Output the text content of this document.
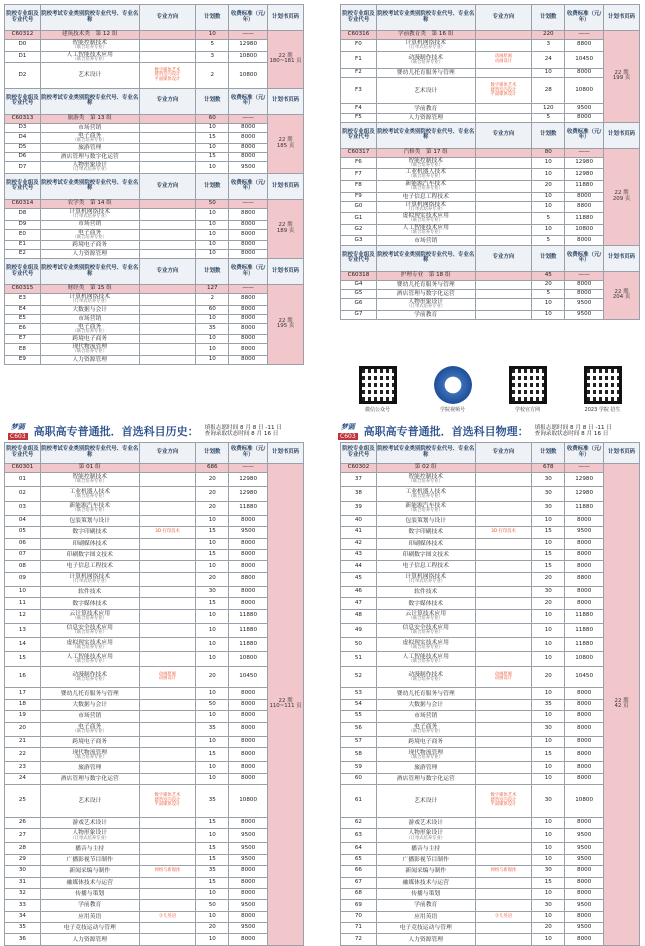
院校专业组及专业代号	院校考试专业类别院校专业代号、专业名称	专业方向	计划数	收费标准（元/年）	计划书页码
C60312	建筑技术类　第 12 组		10	——	22 期
180~181 页
D0	智能控制技术
（联合培养专业）		5	12980	
D1	人工智能技术应用
（联合培养专业）		3	10800	
D2	艺术设计	数字媒体艺术
建筑室内设计
平面媒体设计	2	10800	
院校专业组及专业代号	院校考试专业类别院校专业代号、专业名称	专业方向	计划数	收费标准（元/年）	计划书页码
C60313	旅游类　第 13 组		60	——	22 期
185 页
D3	市场营销		10	8000	
D4	电子商务
（联合培养专业）		15	8000	
D5	旅游管理		10	8000	
D6	酒店管理与数字化运营		15	8000	
D7	人物形象设计
（订单式培养专业）		10	9500	
院校专业组及专业代号	院校考试专业类别院校专业代号、专业名称	专业方向	计划数	收费标准（元/年）	计划书页码
C60314	农学类　第 14 组		50	——	22 期
189 页
D8	计算机网络技术
（订单式培养专业）		10	8800	
D9	市场营销		10	8000	
E0	电子商务
（联合培养专业）		10	8000	
E1	跨境电子商务		10	8000	
E2	人力资源管理		10	8000	
院校专业组及专业代号	院校考试专业类别院校专业代号、专业名称	专业方向	计划数	收费标准（元/年）	计划书页码
C60315	财经类　第 15 组		127	——	22 期
195 页
E3	计算机网络技术
（订单式培养专业）		2	8800	
E4	大数据与会计		60	8000	
E5	市场营销		10	8000	
E6	电子商务
（联合培养专业）		35	8000	
E7	跨境电子商务		10	8000	
E8	现代物流管理
（联合培养专业）		10	8000	
E9	人力资源管理		10	8000	
院校专业组及专业代号	院校考试专业类别院校专业代号、专业名称	专业方向	计划数	收费标准（元/年）	计划书页码
C60316	学前教育类　第 16 组		220	——	22 期
199 页
F0	计算机网络技术
（订单式培养专业）		3	8800	
F1	动漫制作技术
（联合培养专业）	动画原画
动画设计	24	10450	
F2	婴幼儿托育服务与管理		10	8000	
F3	艺术设计	数字媒体艺术
建筑室内设计
平面媒体设计	28	10800	
F4	学前教育		120	9500	
F5	人力资源管理		5	8000	
院校专业组及专业代号	院校考试专业类别院校专业代号、专业名称	专业方向	计划数	收费标准（元/年）	计划书页码
C60317	汽修类　第 17 组		80	——	22 期
209 页
F6	智能控制技术
（联合培养专业）		10	12980	
F7	工业机器人技术
（联合培养专业）		10	12980	
F8	新能源汽车技术
（联合培养专业）		20	11880	
F9	电子信息工程技术		10	8000	
G0	计算机网络技术
（订单式培养专业）		10	8800	
G1	虚拟现实技术应用
（联合培养专业）		5	11880	
G2	人工智能技术应用
（联合培养专业）		10	10800	
G3	市场营销		5	8000	
院校专业组及专业代号	院校考试专业类别院校专业代号、专业名称	专业方向	计划数	收费标准（元/年）	计划书页码
C60318	护理专业　第 18 组		45	——	22 期
204 页
G4	婴幼儿托育服务与管理		20	8000	
G5	酒店管理与数字化运营		5	8000	
G6	人物形象设计
（订单式培养专业）		10	9500	
G7	学前教育		10	9500	
微信公众号	学院视频号	学校官方网	2023 学院 招生
梦圆
C603 高职高专普通批．首选科目历史： 填报志愿时间 8 月 8 日 -11 日
查询录取状态时间 8 月 16 日
梦圆
C603 高职高专普通批．首选科目物理： 填报志愿时间 8 月 8 日 -11 日
查询录取状态时间 8 月 16 日
院校专业组及专业代号	院校考试专业类别院校专业代号、专业名称	专业方向	计划数	收费标准（元/年）	计划书页码
C60301	第 01 组		686	——	22 期
110~111 页
01	智能控制技术
（联合培养专业）		20	12980	
02	工业机器人技术
（联合培养专业）		20	12980	
03	新能源汽车技术
（联合培养专业）		20	11880	
04	包装策划与设计		10	8000	
05	数字印刷技术	3D 打印技术	15	9500	
06	印刷媒体技术		10	8000	
07	印刷数字图文技术		15	8000	
08	电子信息工程技术		10	8000	
09	计算机网络技术
（订单式培养专业）		20	8800	
10	软件技术		30	8000	
11	数字媒体技术		15	8000	
12	云计算技术应用
（联合培养专业）		10	11880	
13	信息安全技术应用
（联合培养专业）		10	11880	
14	虚拟现实技术应用
（联合培养专业）		10	11880	
15	人工智能技术应用
（联合培养专业）		10	10800	
16	动漫制作技术
（联合培养专业）	动画原画
动画设计	20	10450	
17	婴幼儿托育服务与管理		10	8000	
18	大数据与会计		50	8000	
19	市场营销		10	8000	
20	电子商务
（联合培养专业）		35	8000	
21	跨境电子商务		10	8000	
22	现代物流管理
（联合培养专业）		15	8000	
23	旅游管理		10	8000	
24	酒店管理与数字化运营		10	8000	
25	艺术设计	数字媒体艺术
建筑室内设计
平面媒体设计	35	10800	
26	游戏艺术设计		15	8000	
27	人物形象设计
（订单式培养专业）		10	9500	
28	播音与主持		15	9500	
29	广播影视节目制作		15	9500	
30	新闻采编与制作	网络与新媒体	35	8000	
31	融媒体技术与运营		15	8000	
32	传播与策划		10	8000	
33	学前教育		50	9500	
34	应用英语	少儿英语	10	8000	
35	电子竞技运动与管理		20	9500	
36	人力资源管理		10	8000	
院校专业组及专业代号	院校考试专业类别院校专业代号、专业名称	专业方向	计划数	收费标准（元/年）	计划书页码
C60302	第 02 组		678	——	22 期
42 页
37	智能控制技术
（联合培养专业）		30	12980	
38	工业机器人技术
（联合培养专业）		30	12980	
39	新能源汽车技术
（联合培养专业）		30	11880	
40	包装策划与设计		10	8000	
41	数字印刷技术	3D 打印技术	15	9500	
42	印刷媒体技术		10	8000	
43	印刷数字图文技术		15	8000	
44	电子信息工程技术		15	8000	
45	计算机网络技术
（订单式培养专业）		20	8800	
46	软件技术		30	8000	
47	数字媒体技术		20	8000	
48	云计算技术应用
（联合培养专业）		10	11880	
49	信息安全技术应用
（联合培养专业）		10	11880	
50	虚拟现实技术应用
（联合培养专业）		10	11880	
51	人工智能技术应用
（联合培养专业）		10	10800	
52	动漫制作技术
（联合培养专业）	动画原画
动画设计	20	10450	
53	婴幼儿托育服务与管理		10	8000	
54	大数据与会计		35	8000	
55	市场营销		10	8000	
56	电子商务
（联合培养专业）		30	8000	
57	跨境电子商务		10	8000	
58	现代物流管理
（联合培养专业）		15	8000	
59	旅游管理		10	8000	
60	酒店管理与数字化运营		10	8000	
61	艺术设计	数字媒体艺术
建筑室内设计
平面媒体设计	30	10800	
62	游戏艺术设计		10	8000	
63	人物形象设计
（订单式培养专业）		10	9500	
64	播音与主持		10	9500	
65	广播影视节目制作		10	9500	
66	新闻采编与制作	网络与新媒体	30	8000	
67	融媒体技术与运营		15	8000	
68	传播与策划		10	8000	
69	学前教育		30	9500	
70	应用英语	少儿英语	10	8000	
71	电子竞技运动与管理		20	9500	
72	人力资源管理		10	8000	
